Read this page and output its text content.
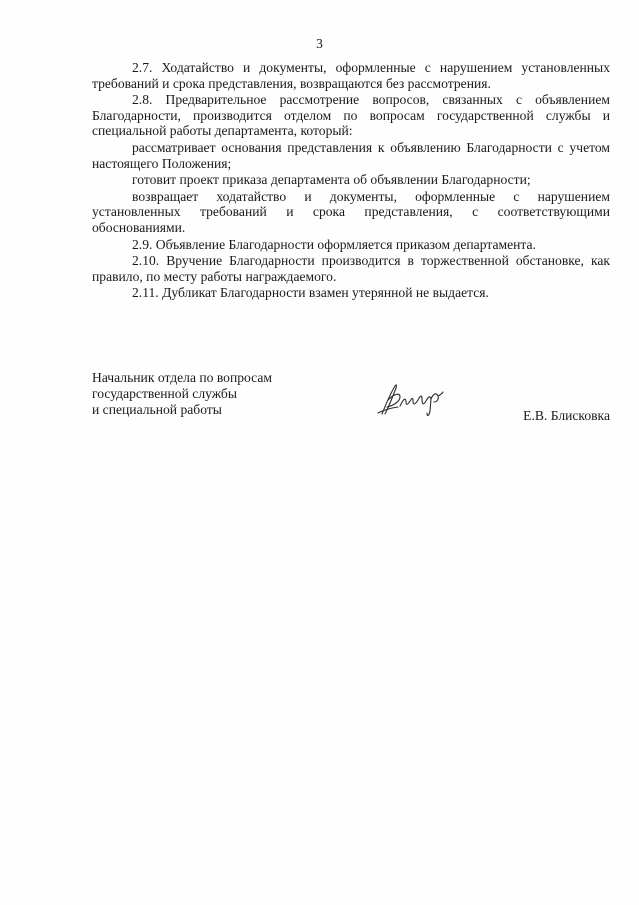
3

2.7. Ходатайство и документы, оформленные с нарушением установленных требований и срока представления, возвращаются без рассмотрения.

2.8. Предварительное рассмотрение вопросов, связанных с объявлением Благодарности, производится отделом по вопросам государственной службы и специальной работы департамента, который:

рассматривает основания представления к объявлению Благодарности с учетом настоящего Положения;

готовит проект приказа департамента об объявлении Благодарности;

возвращает ходатайство и документы, оформленные с нарушением установленных требований и срока представления, с соответствующими обоснованиями.

2.9. Объявление Благодарности оформляется приказом департамента.

2.10. Вручение Благодарности производится в торжественной обстановке, как правило, по месту работы награждаемого.

2.11. Дубликат Благодарности взамен утерянной не выдается.

Начальник отдела по вопросам
государственной службы
и специальной работы	Е.В. Блисковка
